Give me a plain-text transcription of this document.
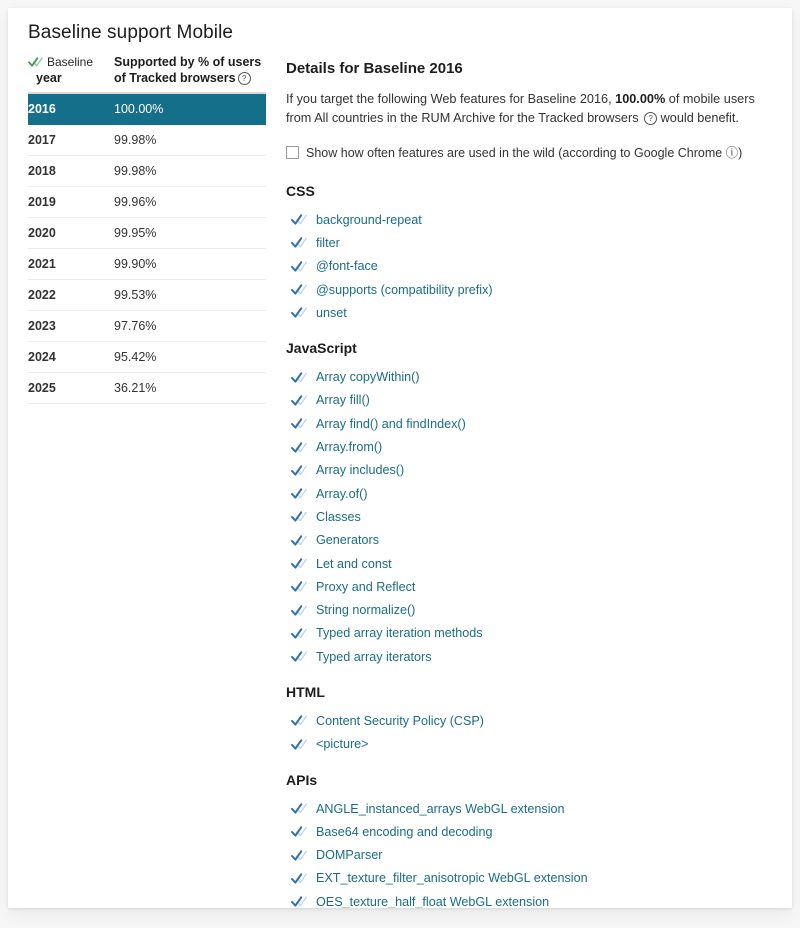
Baseline support Mobile
Baseline
year	Supported by % of users
of Tracked browsers ?
2016	100.00%
2017	99.98%
2018	99.98%
2019	99.96%
2020	99.95%
2021	99.90%
2022	99.53%
2023	97.76%
2024	95.42%
2025	36.21%
Details for Baseline 2016

If you target the following Web features for Baseline 2016, 100.00% of mobile users from All countries in the RUM Archive for the Tracked browsers ? would benefit.

Show how often features are used in the wild (according to Google Chrome ⓘ)
CSS
background-repeat
filter
@font-face
@supports (compatibility prefix)
unset
JavaScript
Array copyWithin()
Array fill()
Array find() and findIndex()
Array.from()
Array includes()
Array.of()
Classes
Generators
Let and const
Proxy and Reflect
String normalize()
Typed array iteration methods
Typed array iterators
HTML
Content Security Policy (CSP)
<picture>
APIs
ANGLE_instanced_arrays WebGL extension
Base64 encoding and decoding
DOMParser
EXT_texture_filter_anisotropic WebGL extension
OES_texture_half_float WebGL extension
